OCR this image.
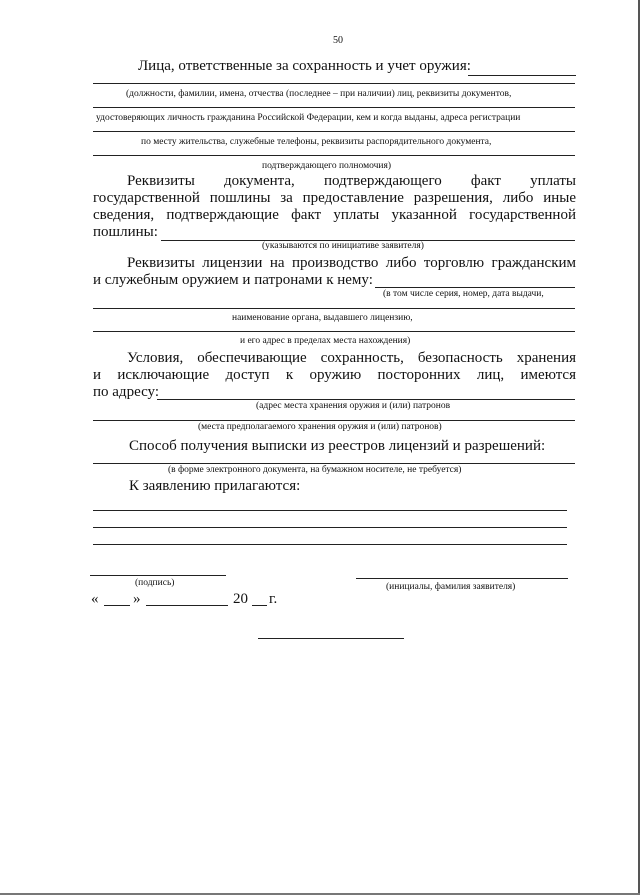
50
Лица, ответственные за сохранность и учет оружия:
(должности, фамилии, имена, отчества (последнее – при наличии) лиц, реквизиты документов,
удостоверяющих личность гражданина Российской Федерации, кем и когда выданы, адреса регистрации
по месту жительства, служебные телефоны, реквизиты распорядительного документа,
подтверждающего полномочия)
Реквизиты документа, подтверждающего факт уплаты
государственной пошлины за предоставление разрешения, либо иные
сведения, подтверждающие факт уплаты указанной государственной
пошлины:
(указываются по инициативе заявителя)
Реквизиты лицензии на производство либо торговлю гражданским
и служебным оружием и патронами к нему:
(в том числе серия, номер, дата выдачи,
наименование органа, выдавшего лицензию,
и его адрес в пределах места нахождения)
Условия, обеспечивающие сохранность, безопасность хранения
и исключающие доступ к оружию посторонних лиц, имеются
по адресу:
(адрес места хранения оружия и (или) патронов
(места предполагаемого хранения оружия и (или) патронов)
Способ получения выписки из реестров лицензий и разрешений:
(в форме электронного документа, на бумажном носителе, не требуется)
К заявлению прилагаются:
(подпись)	(инициалы, фамилия заявителя)
« »	20 г.
